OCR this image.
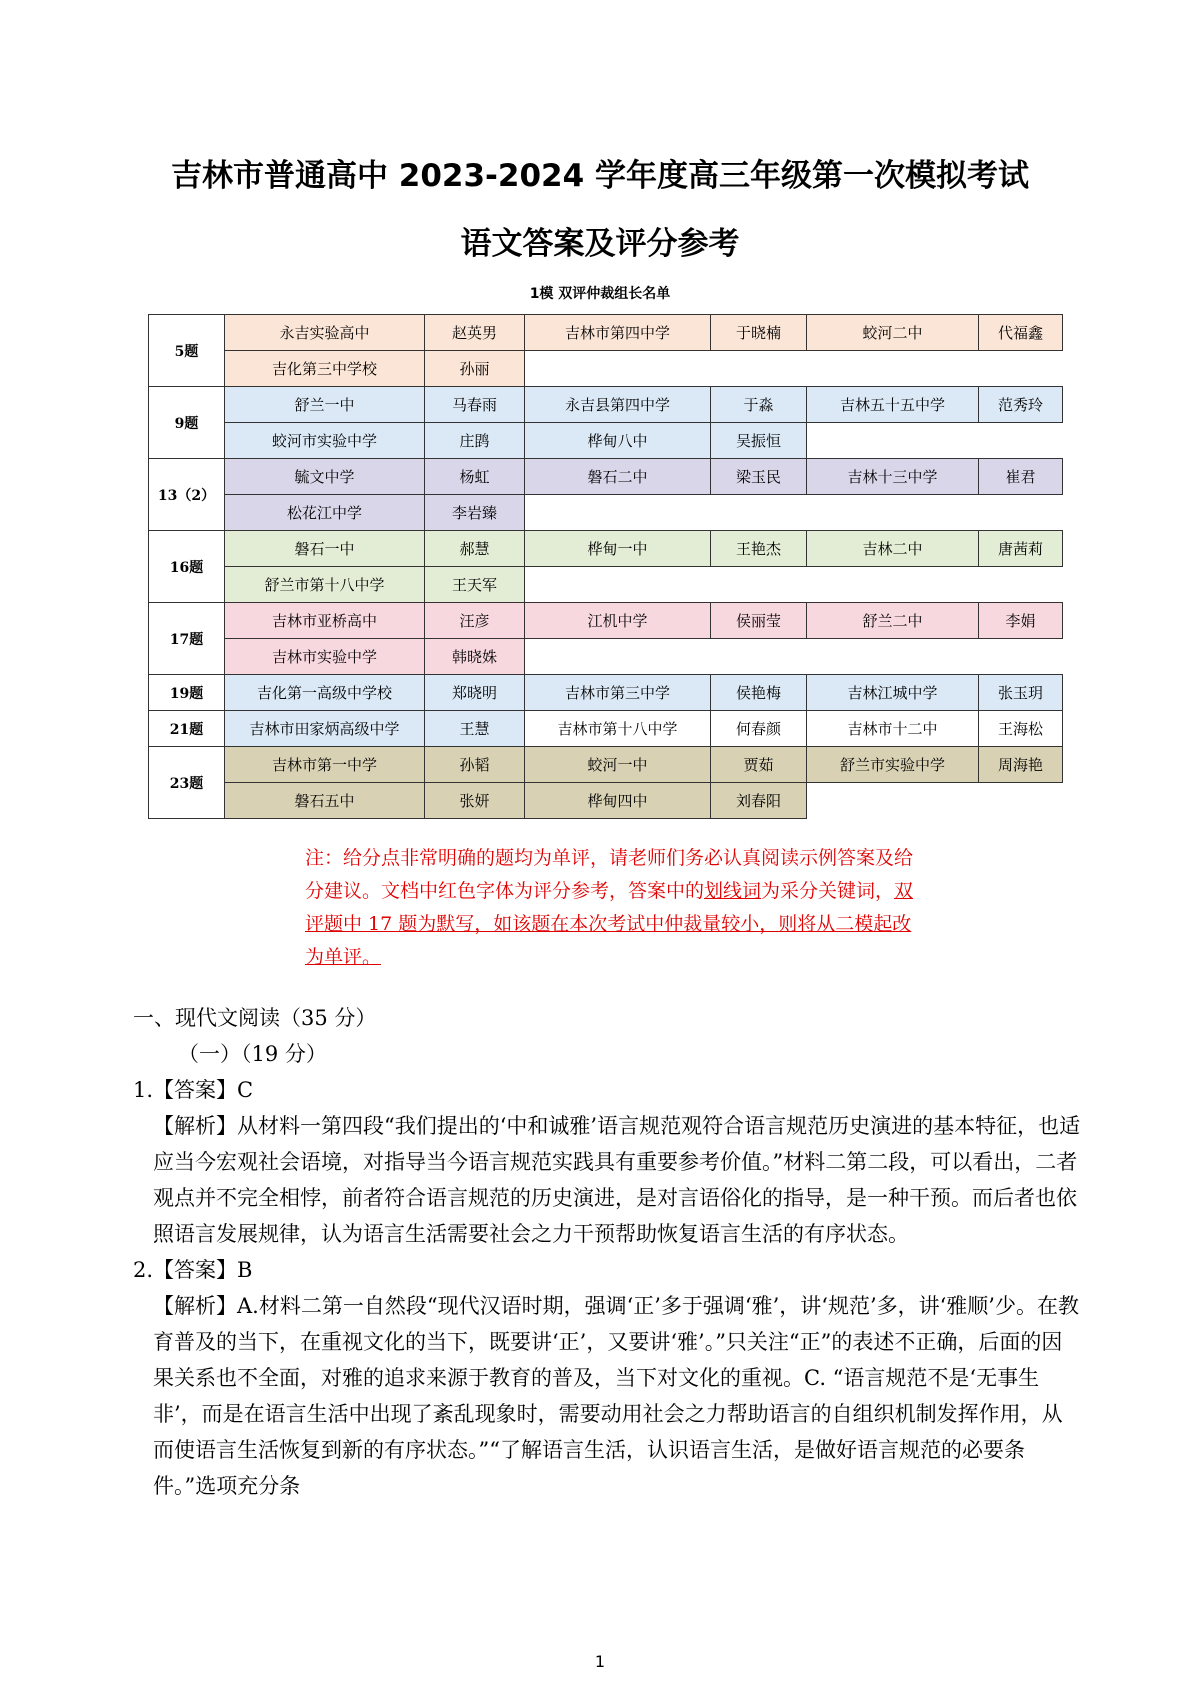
吉林市普通高中 2023-2024 学年度高三年级第一次模拟考试
语文答案及评分参考
1模 双评仲裁组长名单
5题	永吉实验高中	赵英男	吉林市第四中学	于晓楠	蛟河二中	代福鑫
	吉化第三中学校	孙丽				
9题	舒兰一中	马春雨	永吉县第四中学	于淼	吉林五十五中学	范秀玲
	蛟河市实验中学	庄鹍	桦甸八中	吴振恒		
13（2）	毓文中学	杨虹	磐石二中	梁玉民	吉林十三中学	崔君
	松花江中学	李岩臻				
16题	磐石一中	郝慧	桦甸一中	王艳杰	吉林二中	唐茜莉
	舒兰市第十八中学	王天军				
17题	吉林市亚桥高中	汪彦	江机中学	侯丽莹	舒兰二中	李娟
	吉林市实验中学	韩晓姝				
19题	吉化第一高级中学校	郑晓明	吉林市第三中学	侯艳梅	吉林江城中学	张玉玥
21题	吉林市田家炳高级中学	王慧	吉林市第十八中学	何春颜	吉林市十二中	王海松
23题	吉林市第一中学	孙韬	蛟河一中	贾茹	舒兰市实验中学	周海艳
	磐石五中	张妍	桦甸四中	刘春阳		
注：给分点非常明确的题均为单评，请老师们务必认真阅读示例答案及给分建议。文档中红色字体为评分参考，答案中的划线词为采分关键词，双评题中 17 题为默写，如该题在本次考试中仲裁量较小，则将从二模起改为单评。

一、现代文阅读（35 分）

（一）（19 分）

1.【答案】C

【解析】从材料一第四段“我们提出的‘中和诚雅’语言规范观符合语言规范历史演进的基本特征，也适应当今宏观社会语境，对指导当今语言规范实践具有重要参考价值。”材料二第二段，可以看出，二者观点并不完全相悖，前者符合语言规范的历史演进，是对言语俗化的指导，是一种干预。而后者也依照语言发展规律，认为语言生活需要社会之力干预帮助恢复语言生活的有序状态。

2.【答案】B

【解析】A.材料二第一自然段“现代汉语时期，强调‘正’多于强调‘雅’，讲‘规范’多，讲‘雅顺’少。在教育普及的当下，在重视文化的当下，既要讲‘正’，又要讲‘雅’。”只关注“正”的表述不正确，后面的因果关系也不全面，对雅的追求来源于教育的普及，当下对文化的重视。C. “语言规范不是‘无事生非’，而是在语言生活中出现了紊乱现象时，需要动用社会之力帮助语言的自组织机制发挥作用，从而使语言生活恢复到新的有序状态。”“了解语言生活，认识语言生活，是做好语言规范的必要条件。”选项充分条

1
